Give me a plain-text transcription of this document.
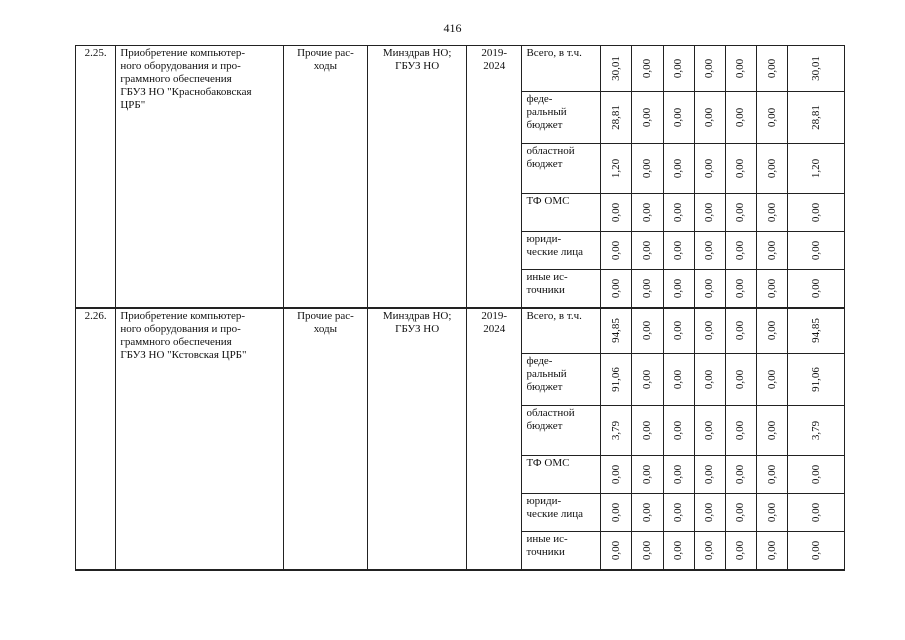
416
2.25.	Приобретение компьютер-
ного оборудования и про-
граммного обеспечения
ГБУЗ НО "Краснобаковская
ЦРБ"	Прочие рас-
ходы	Минздрав НО;
ГБУЗ НО	2019-
2024	Всего, в т.ч.	30,01	0,00	0,00	0,00	0,00	0,00	30,01

					феде-
ральный
бюджет	28,81	0,00	0,00	0,00	0,00	0,00	28,81

					областной
бюджет	1,20	0,00	0,00	0,00	0,00	0,00	1,20

					ТФ ОМС	0,00	0,00	0,00	0,00	0,00	0,00	0,00

					юриди-
ческие лица	0,00	0,00	0,00	0,00	0,00	0,00	0,00

					иные ис-
точники	0,00	0,00	0,00	0,00	0,00	0,00	0,00

2.26.	Приобретение компьютер-
ного оборудования и про-
граммного обеспечения
ГБУЗ НО "Кстовская ЦРБ"	Прочие рас-
ходы	Минздрав НО;
ГБУЗ НО	2019-
2024	Всего, в т.ч.	94,85	0,00	0,00	0,00	0,00	0,00	94,85

					феде-
ральный
бюджет	91,06	0,00	0,00	0,00	0,00	0,00	91,06

					областной
бюджет	3,79	0,00	0,00	0,00	0,00	0,00	3,79

					ТФ ОМС	0,00	0,00	0,00	0,00	0,00	0,00	0,00

					юриди-
ческие лица	0,00	0,00	0,00	0,00	0,00	0,00	0,00

					иные ис-
точники	0,00	0,00	0,00	0,00	0,00	0,00	0,00
